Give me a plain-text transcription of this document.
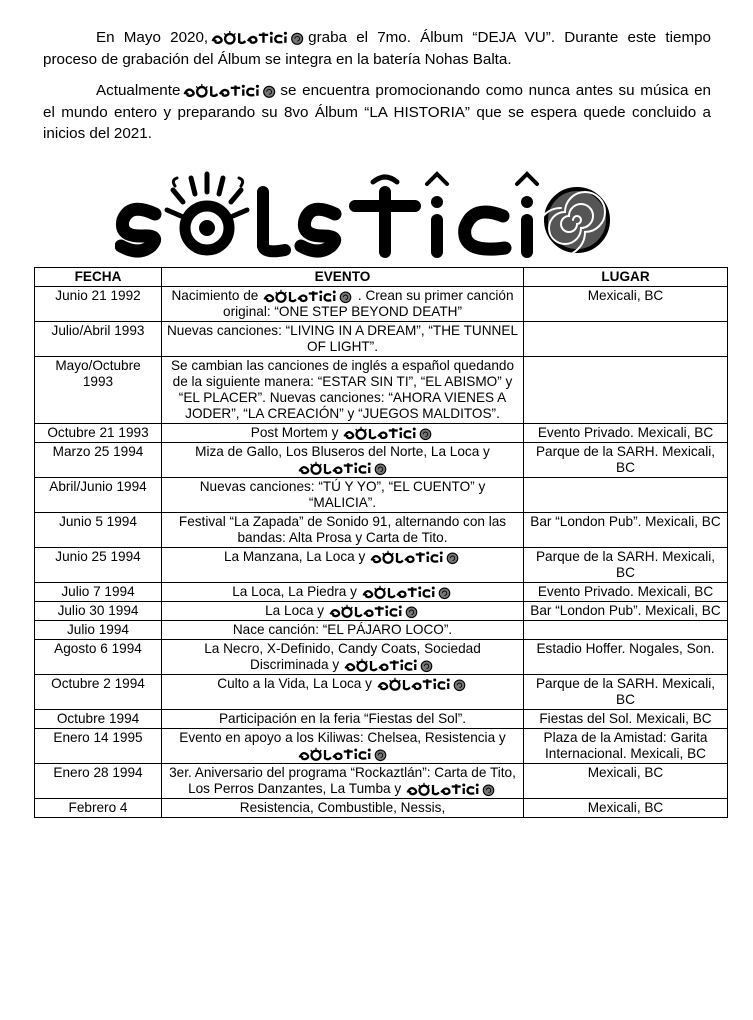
En Mayo 2020,	graba el 7mo. Álbum “DEJA VU”. Durante este tiempo proceso de grabación del Álbum se integra en la batería Nohas Balta.
Actualmente	se encuentra promocionando como nunca antes su música en el mundo entero y preparando su 8vo Álbum “LA HISTORIA” que se espera quede concluido a inicios del 2021.
FECHA	EVENTO	LUGAR
Junio 21 1992	Nacimiento de . Crean su primer canción original: “ONE STEP BEYOND DEATH”	Mexicali, BC
Julio/Abril 1993	Nuevas canciones: “LIVING IN A DREAM”, “THE TUNNEL OF LIGHT”.	
Mayo/Octubre 1993	Se cambian las canciones de inglés a español quedando de la siguiente manera: “ESTAR SIN TI”, “EL ABISMO” y “EL PLACER”. Nuevas canciones: “AHORA VIENES A JODER”, “LA CREACIÓN” y “JUEGOS MALDITOS”.	
Octubre 21 1993	Post Mortem y	Evento Privado. Mexicali, BC
Marzo 25 1994	Miza de Gallo, Los Bluseros del Norte, La Loca y	Parque de la SARH. Mexicali, BC
Abril/Junio 1994	Nuevas canciones: “TÚ Y YO”, “EL CUENTO” y “MALICIA”.	
Junio 5 1994	Festival “La Zapada” de Sonido 91, alternando con las bandas: Alta Prosa y Carta de Tito.	Bar “London Pub”. Mexicali, BC
Junio 25 1994	La Manzana, La Loca y	Parque de la SARH. Mexicali, BC
Julio 7 1994	La Loca, La Piedra y	Evento Privado. Mexicali, BC
Julio 30 1994	La Loca y	Bar “London Pub”. Mexicali, BC
Julio 1994	Nace canción: “EL PÁJARO LOCO”.	
Agosto 6 1994	La Necro, X-Definido, Candy Coats, Sociedad Discriminada y	Estadio Hoffer. Nogales, Son.
Octubre 2 1994	Culto a la Vida, La Loca y	Parque de la SARH. Mexicali, BC
Octubre 1994	Participación en la feria “Fiestas del Sol”.	Fiestas del Sol. Mexicali, BC
Enero 14 1995	Evento en apoyo a los Kiliwas: Chelsea, Resistencia y	Plaza de la Amistad: Garita Internacional. Mexicali, BC
Enero 28 1994	3er. Aniversario del programa “Rockaztlán”: Carta de Tito, Los Perros Danzantes, La Tumba y	Mexicali, BC
Febrero 4	Resistencia, Combustible, Nessis,	Mexicali, BC
